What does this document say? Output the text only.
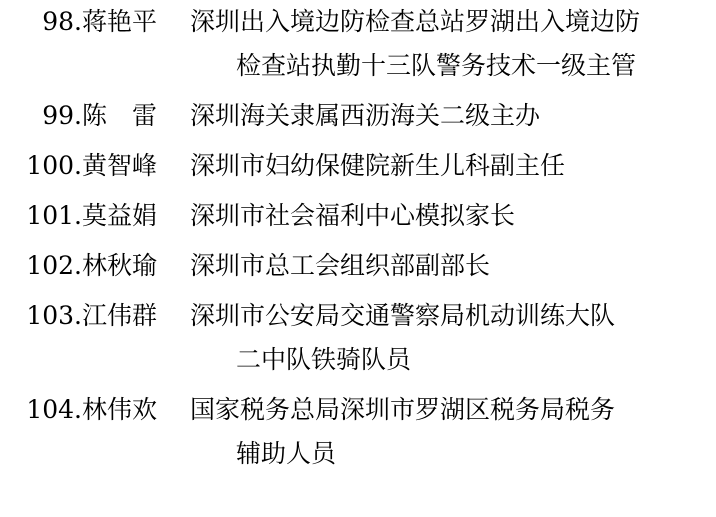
98. 蒋艳平	深圳出入境边防检查总站罗湖出入境边防
检查站执勤十三队警务技术一级主管
99. 陈　雷	深圳海关隶属西沥海关二级主办
100. 黄智峰	深圳市妇幼保健院新生儿科副主任
101. 莫益娟	深圳市社会福利中心模拟家长
102. 林秋瑜	深圳市总工会组织部副部长
103. 江伟群	深圳市公安局交通警察局机动训练大队
二中队铁骑队员
104. 林伟欢	国家税务总局深圳市罗湖区税务局税务
辅助人员
